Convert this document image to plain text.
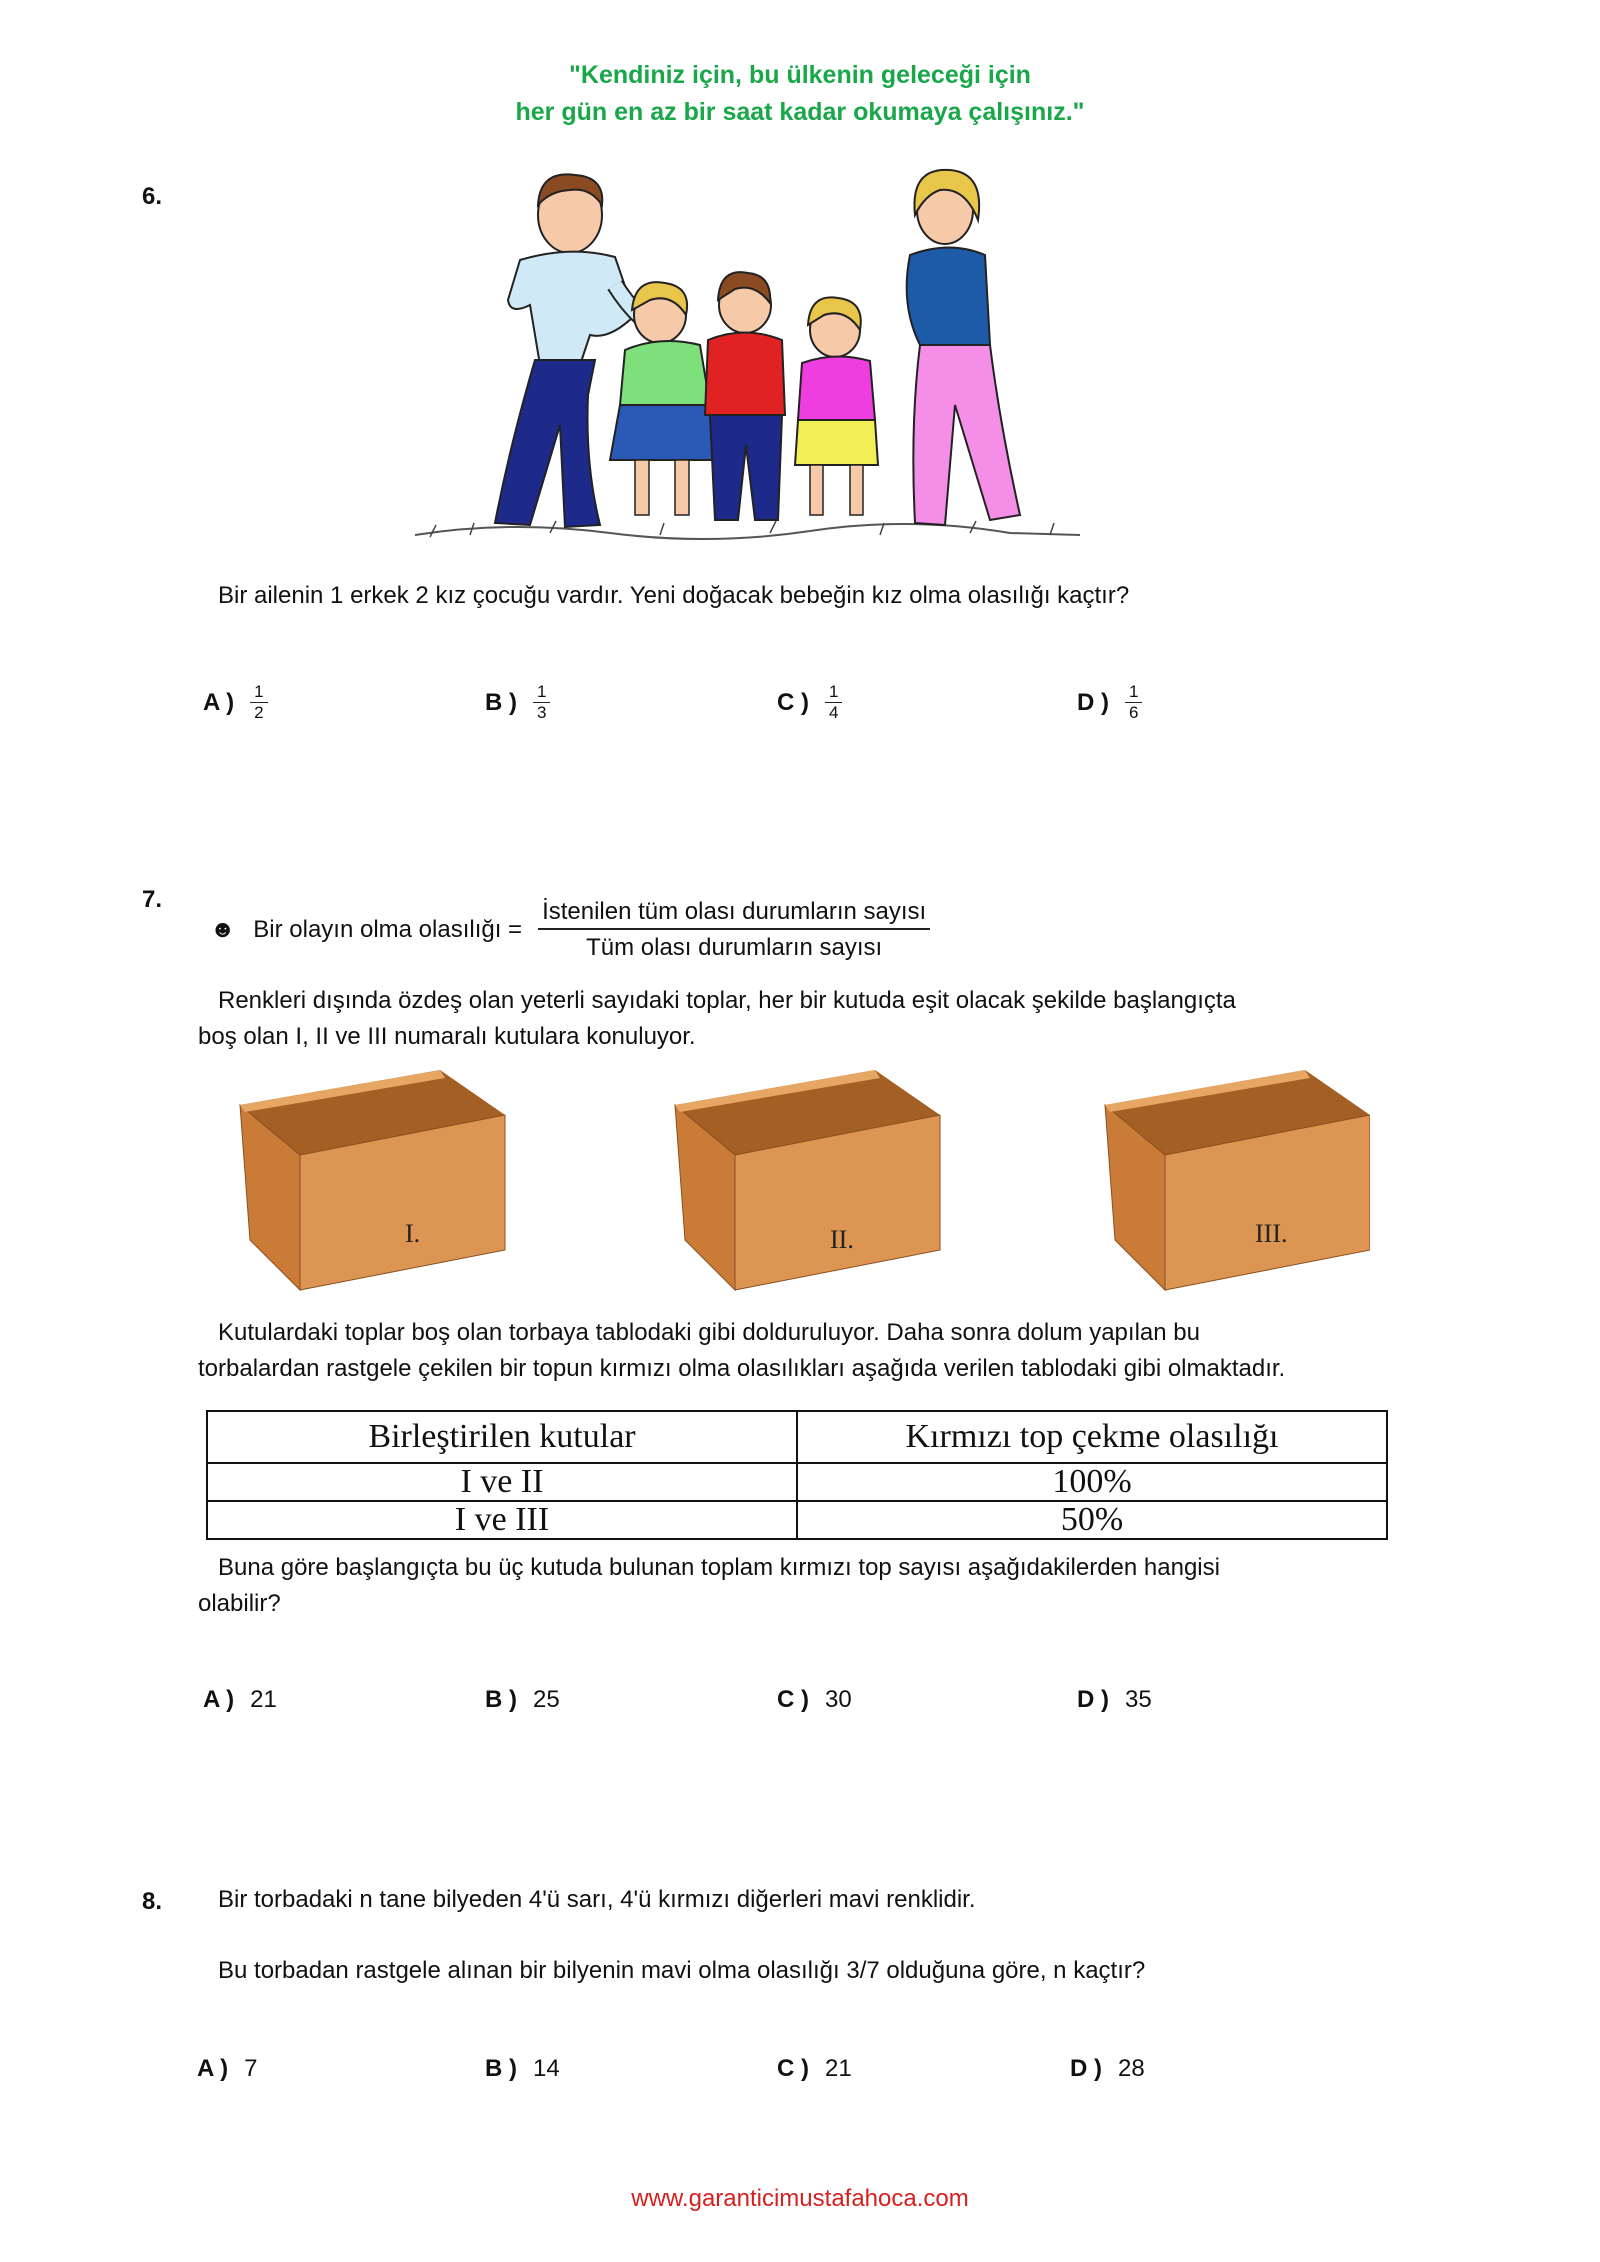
"Kendiniz için, bu ülkenin geleceği için
her gün en az bir saat kadar okumaya çalışınız."
6.
Bir ailenin 1 erkek 2 kız çocuğu vardır. Yeni doğacak bebeğin kız olma olasılığı kaçtır?
A ) $\frac{1}{2}$	B ) $\frac{1}{3}$	C ) $\frac{1}{4}$	D ) $\frac{1}{6}$
7.
☻ Bir olayın olma olasılığı = $\frac{\text{İstenilen tüm olası durumların sayısı}}{\text{Tüm olası durumların sayısı}}$
Renkleri dışında özdeş olan yeterli sayıdaki toplar, her bir kutuda eşit olacak şekilde başlangıçta
boş olan I, II ve III numaralı kutulara konuluyor.
I.	II.	III.
Kutulardaki toplar boş olan torbaya tablodaki gibi dolduruluyor. Daha sonra dolum yapılan bu
torbalardan rastgele çekilen bir topun kırmızı olma olasılıkları aşağıda verilen tablodaki gibi olmaktadır.
Birleştirilen kutular	Kırmızı top çekme olasılığı
I ve II	100%
I ve III	50%
Buna göre başlangıçta bu üç kutuda bulunan toplam kırmızı top sayısı aşağıdakilerden hangisi
olabilir?
A ) 21	B ) 25	C ) 30	D ) 35
8. Bir torbadaki n tane bilyeden 4'ü sarı, 4'ü kırmızı diğerleri mavi renklidir.
Bu torbadan rastgele alınan bir bilyenin mavi olma olasılığı 3/7 olduğuna göre, n kaçtır?
A ) 7	B ) 14	C ) 21	D ) 28
www.garanticimustafahoca.com
